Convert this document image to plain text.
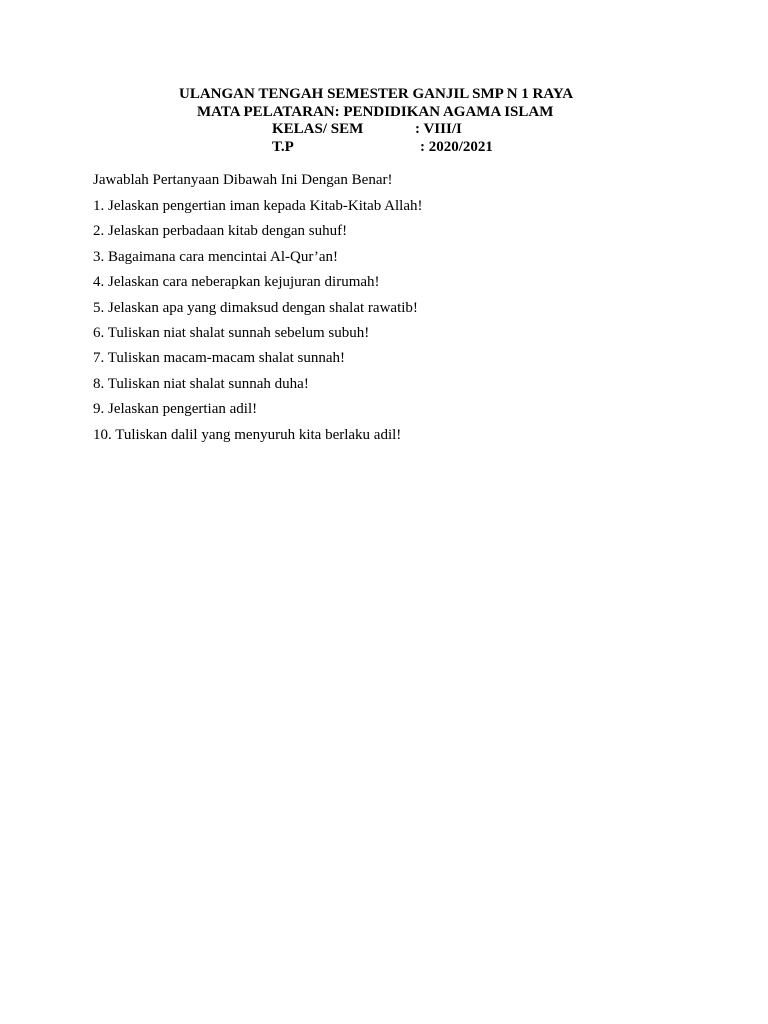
ULANGAN TENGAH SEMESTER GANJIL SMP N 1 RAYA
MATA PELATARAN: PENDIDIKAN AGAMA ISLAM
KELAS/ SEM	: VIII/I
T.P	: 2020/2021
Jawablah Pertanyaan Dibawah Ini Dengan Benar!
1. Jelaskan pengertian iman kepada Kitab-Kitab Allah!
2. Jelaskan perbadaan kitab dengan suhuf!
3. Bagaimana cara mencintai Al-Qur’an!
4. Jelaskan cara neberapkan kejujuran dirumah!
5. Jelaskan apa yang dimaksud dengan shalat rawatib!
6. Tuliskan niat shalat sunnah sebelum subuh!
7. Tuliskan macam-macam shalat sunnah!
8. Tuliskan niat shalat sunnah duha!
9. Jelaskan pengertian adil!
10. Tuliskan dalil yang menyuruh kita berlaku adil!
